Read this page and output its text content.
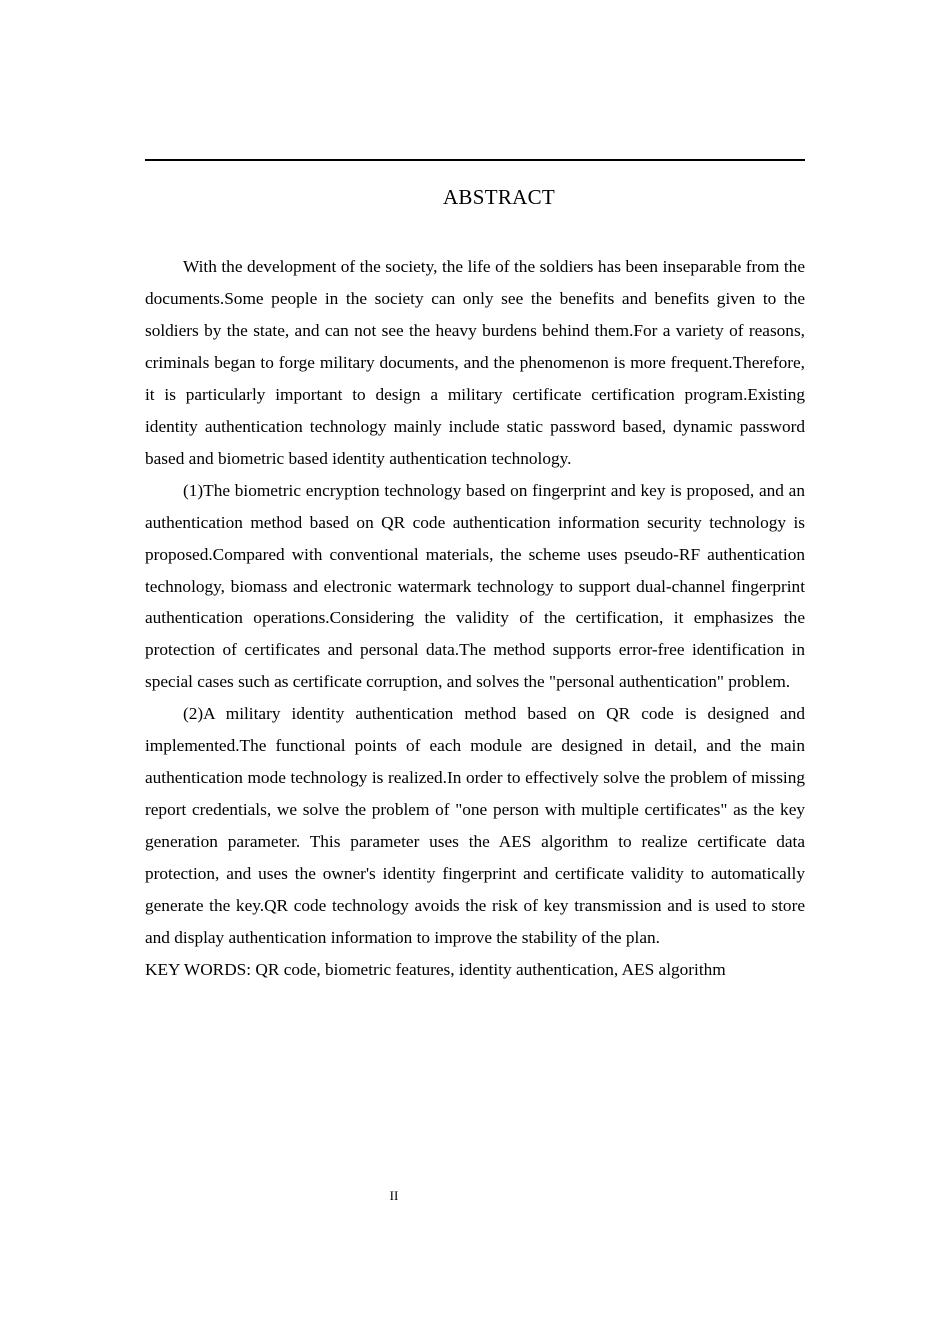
ABSTRACT

With the development of the society, the life of the soldiers has been inseparable from the documents.Some people in the society can only see the benefits and benefits given to the soldiers by the state, and can not see the heavy burdens behind them.For a variety of reasons, criminals began to forge military documents, and the phenomenon is more frequent.Therefore, it is particularly important to design a military certificate certification program.Existing identity authentication technology mainly include static password based, dynamic password based and biometric based identity authentication technology.

(1)The biometric encryption technology based on fingerprint and key is proposed, and an authentication method based on QR code authentication information security technology is proposed.Compared with conventional materials, the scheme uses pseudo-RF authentication technology, biomass and electronic watermark technology to support dual-channel fingerprint authentication operations.Considering the validity of the certification, it emphasizes the protection of certificates and personal data.The method supports error-free identification in special cases such as certificate corruption, and solves the "personal authentication" problem.

(2)A military identity authentication method based on QR code is designed and implemented.The functional points of each module are designed in detail, and the main authentication mode technology is realized.In order to effectively solve the problem of missing report credentials, we solve the problem of "one person with multiple certificates" as the key generation parameter. This parameter uses the AES algorithm to realize certificate data protection, and uses the owner's identity fingerprint and certificate validity to automatically generate the key.QR code technology avoids the risk of key transmission and is used to store and display authentication information to improve the stability of the plan.

KEY WORDS: QR code, biometric features, identity authentication, AES algorithm
II
